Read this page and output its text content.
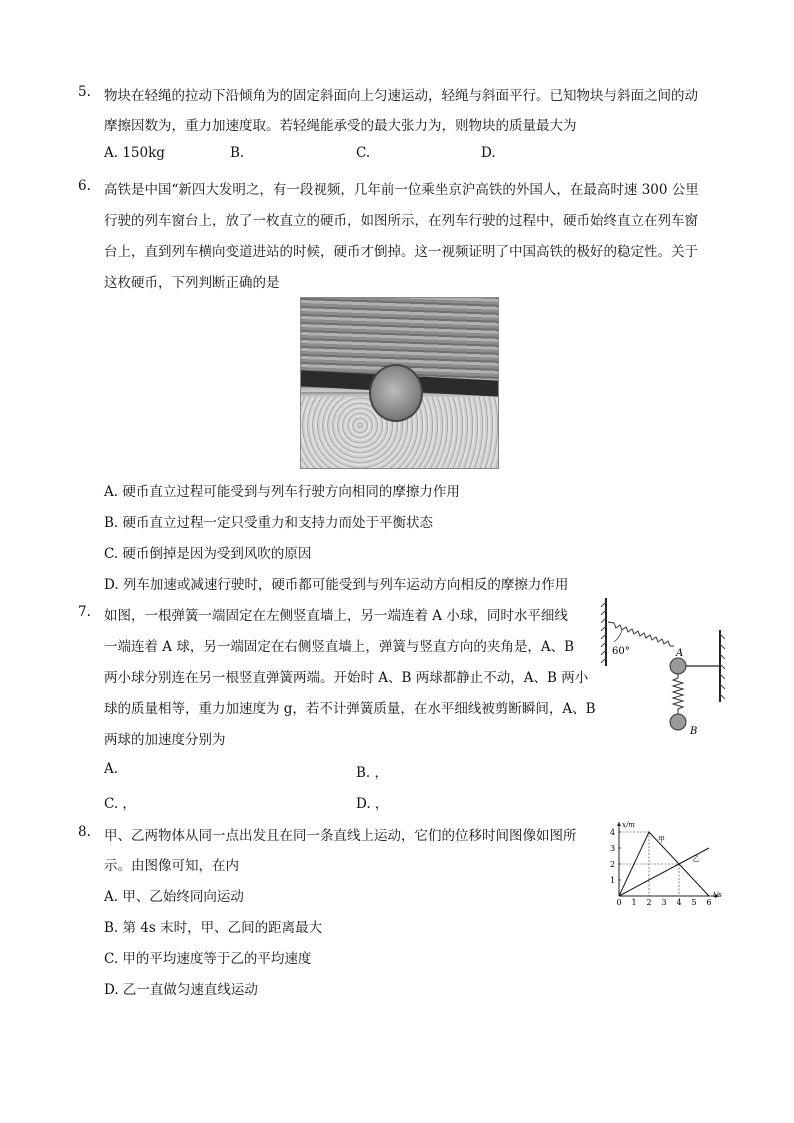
5. 物块在轻绳的拉动下沿倾角为的固定斜面向上匀速运动，轻绳与斜面平行。已知物块与斜面之间的动
摩擦因数为，重力加速度取。若轻绳能承受的最大张力为，则物块的质量最大为
A. 150kg	B.	C.	D.
6. 高铁是中国“新四大发明之，有一段视频，几年前一位乘坐京沪高铁的外国人，在最高时速 300 公里
行驶的列车窗台上，放了一枚直立的硬币，如图所示，在列车行驶的过程中，硬币始终直立在列车窗
台上，直到列车横向变道进站的时候，硬币才倒掉。这一视频证明了中国高铁的极好的稳定性。关于
这枚硬币，下列判断正确的是
A. 硬币直立过程可能受到与列车行驶方向相同的摩擦力作用
B. 硬币直立过程一定只受重力和支持力而处于平衡状态
C. 硬币倒掉是因为受到风吹的原因
D. 列车加速或减速行驶时，硬币都可能受到与列车运动方向相反的摩擦力作用
7. 如图，一根弹簧一端固定在左侧竖直墙上，另一端连着 A 小球，同时水平细线
一端连着 A 球，另一端固定在右侧竖直墙上，弹簧与竖直方向的夹角是，A、B
两小球分别连在另一根竖直弹簧两端。开始时 A、B 两球都静止不动，A、B 两小
球的质量相等，重力加速度为 g，若不计弹簧质量，在水平细线被剪断瞬间，A、B
两球的加速度分别为
A.	B. ，
C. ，	D. ，
60°	A
B
8. 甲、乙两物体从同一点出发且在同一条直线上运动，它们的位移时间图像如图所
示。由图像可知，在内
A. 甲、乙始终同向运动
B. 第 4s 末时，甲、乙间的距离最大
C. 甲的平均速度等于乙的平均速度
D. 乙一直做匀速直线运动
甲
乙
t/s
x/m
0 1 2 3 4 5 6
1
2
3
4
